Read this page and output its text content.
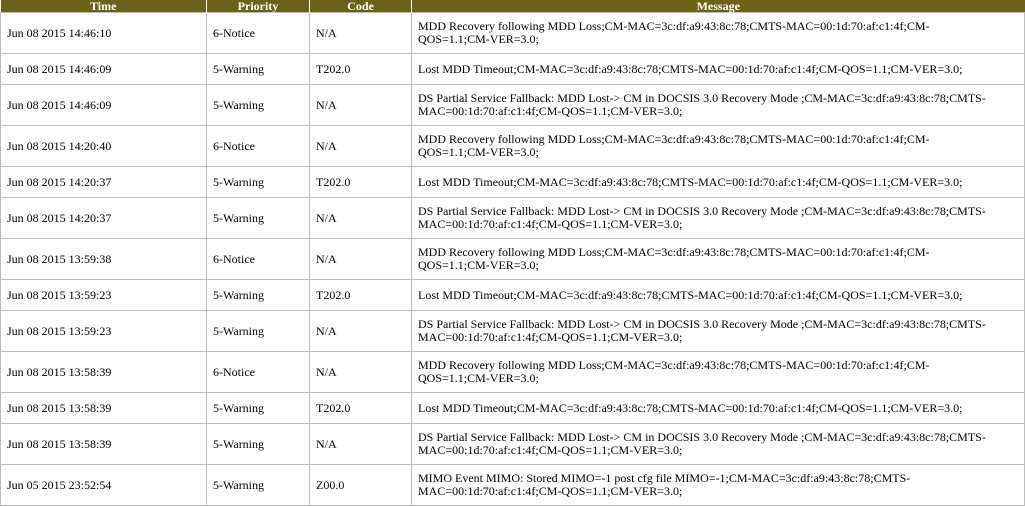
Time	Priority	Code	Message
Jun 08 2015 14:46:10	6-Notice	N/A	MDD Recovery following MDD Loss;CM-MAC=3c:df:a9:43:8c:78;CMTS-MAC=00:1d:70:af:c1:4f;CM-QOS=1.1;CM-VER=3.0;
Jun 08 2015 14:46:09	5-Warning	T202.0	Lost MDD Timeout;CM-MAC=3c:df:a9:43:8c:78;CMTS-MAC=00:1d:70:af:c1:4f;CM-QOS=1.1;CM-VER=3.0;
Jun 08 2015 14:46:09	5-Warning	N/A	DS Partial Service Fallback: MDD Lost-> CM in DOCSIS 3.0 Recovery Mode ;CM-MAC=3c:df:a9:43:8c:78;CMTS-MAC=00:1d:70:af:c1:4f;CM-QOS=1.1;CM-VER=3.0;
Jun 08 2015 14:20:40	6-Notice	N/A	MDD Recovery following MDD Loss;CM-MAC=3c:df:a9:43:8c:78;CMTS-MAC=00:1d:70:af:c1:4f;CM-QOS=1.1;CM-VER=3.0;
Jun 08 2015 14:20:37	5-Warning	T202.0	Lost MDD Timeout;CM-MAC=3c:df:a9:43:8c:78;CMTS-MAC=00:1d:70:af:c1:4f;CM-QOS=1.1;CM-VER=3.0;
Jun 08 2015 14:20:37	5-Warning	N/A	DS Partial Service Fallback: MDD Lost-> CM in DOCSIS 3.0 Recovery Mode ;CM-MAC=3c:df:a9:43:8c:78;CMTS-MAC=00:1d:70:af:c1:4f;CM-QOS=1.1;CM-VER=3.0;
Jun 08 2015 13:59:38	6-Notice	N/A	MDD Recovery following MDD Loss;CM-MAC=3c:df:a9:43:8c:78;CMTS-MAC=00:1d:70:af:c1:4f;CM-QOS=1.1;CM-VER=3.0;
Jun 08 2015 13:59:23	5-Warning	T202.0	Lost MDD Timeout;CM-MAC=3c:df:a9:43:8c:78;CMTS-MAC=00:1d:70:af:c1:4f;CM-QOS=1.1;CM-VER=3.0;
Jun 08 2015 13:59:23	5-Warning	N/A	DS Partial Service Fallback: MDD Lost-> CM in DOCSIS 3.0 Recovery Mode ;CM-MAC=3c:df:a9:43:8c:78;CMTS-MAC=00:1d:70:af:c1:4f;CM-QOS=1.1;CM-VER=3.0;
Jun 08 2015 13:58:39	6-Notice	N/A	MDD Recovery following MDD Loss;CM-MAC=3c:df:a9:43:8c:78;CMTS-MAC=00:1d:70:af:c1:4f;CM-QOS=1.1;CM-VER=3.0;
Jun 08 2015 13:58:39	5-Warning	T202.0	Lost MDD Timeout;CM-MAC=3c:df:a9:43:8c:78;CMTS-MAC=00:1d:70:af:c1:4f;CM-QOS=1.1;CM-VER=3.0;
Jun 08 2015 13:58:39	5-Warning	N/A	DS Partial Service Fallback: MDD Lost-> CM in DOCSIS 3.0 Recovery Mode ;CM-MAC=3c:df:a9:43:8c:78;CMTS-MAC=00:1d:70:af:c1:4f;CM-QOS=1.1;CM-VER=3.0;
Jun 05 2015 23:52:54	5-Warning	Z00.0	MIMO Event MIMO: Stored MIMO=-1 post cfg file MIMO=-1;CM-MAC=3c:df:a9:43:8c:78;CMTS-MAC=00:1d:70:af:c1:4f;CM-QOS=1.1;CM-VER=3.0;
